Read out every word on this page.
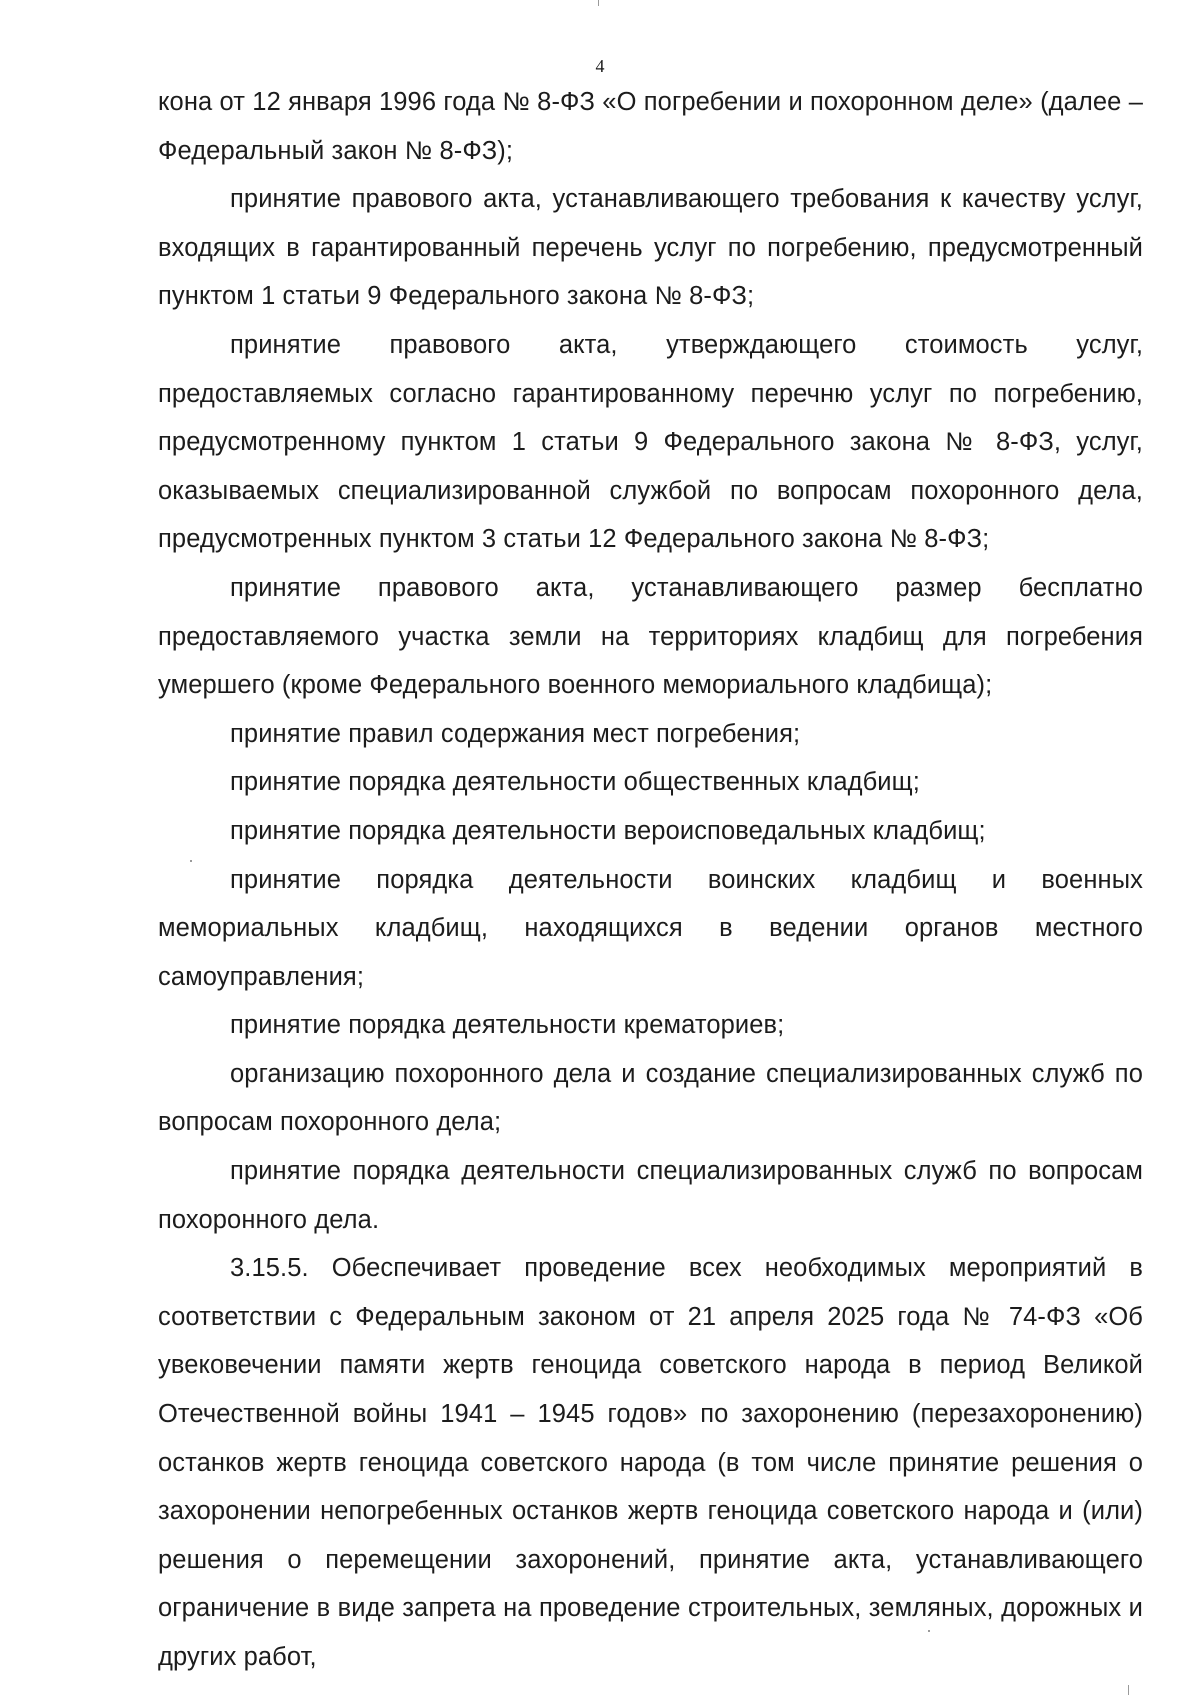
4

кона от 12 января 1996 года № 8-ФЗ «О погребении и похоронном деле» (далее – Федеральный закон № 8-ФЗ);

принятие правового акта, устанавливающего требования к качеству услуг, входящих в гарантированный перечень услуг по погребению, предусмотренный пунктом 1 статьи 9 Федерального закона № 8-ФЗ;

принятие правового акта, утверждающего стоимость услуг, предоставляемых согласно гарантированному перечню услуг по погребению, предусмотренному пунктом 1 статьи 9 Федерального закона № 8-ФЗ, услуг, оказываемых специализированной службой по вопросам похоронного дела, предусмотренных пунктом 3 статьи 12 Федерального закона № 8-ФЗ;

принятие правового акта, устанавливающего размер бесплатно предоставляемого участка земли на территориях кладбищ для погребения умершего (кроме Федерального военного мемориального кладбища);

принятие правил содержания мест погребения;

принятие порядка деятельности общественных кладбищ;

принятие порядка деятельности вероисповедальных кладбищ;

принятие порядка деятельности воинских кладбищ и военных мемориальных кладбищ, находящихся в ведении органов местного самоуправления;

принятие порядка деятельности крематориев;

организацию похоронного дела и создание специализированных служб по вопросам похоронного дела;

принятие порядка деятельности специализированных служб по вопросам похоронного дела.

3.15.5. Обеспечивает проведение всех необходимых мероприятий в соответствии с Федеральным законом от 21 апреля 2025 года № 74-ФЗ «Об увековечении памяти жертв геноцида советского народа в период Великой Отечественной войны 1941 – 1945 годов» по захоронению (перезахоронению) останков жертв геноцида советского народа (в том числе принятие решения о захоронении непогребенных останков жертв геноцида советского народа и (или) решения о перемещении захоронений, принятие акта, устанавливающего ограничение в виде запрета на проведение строительных, земляных, дорожных и других работ,
